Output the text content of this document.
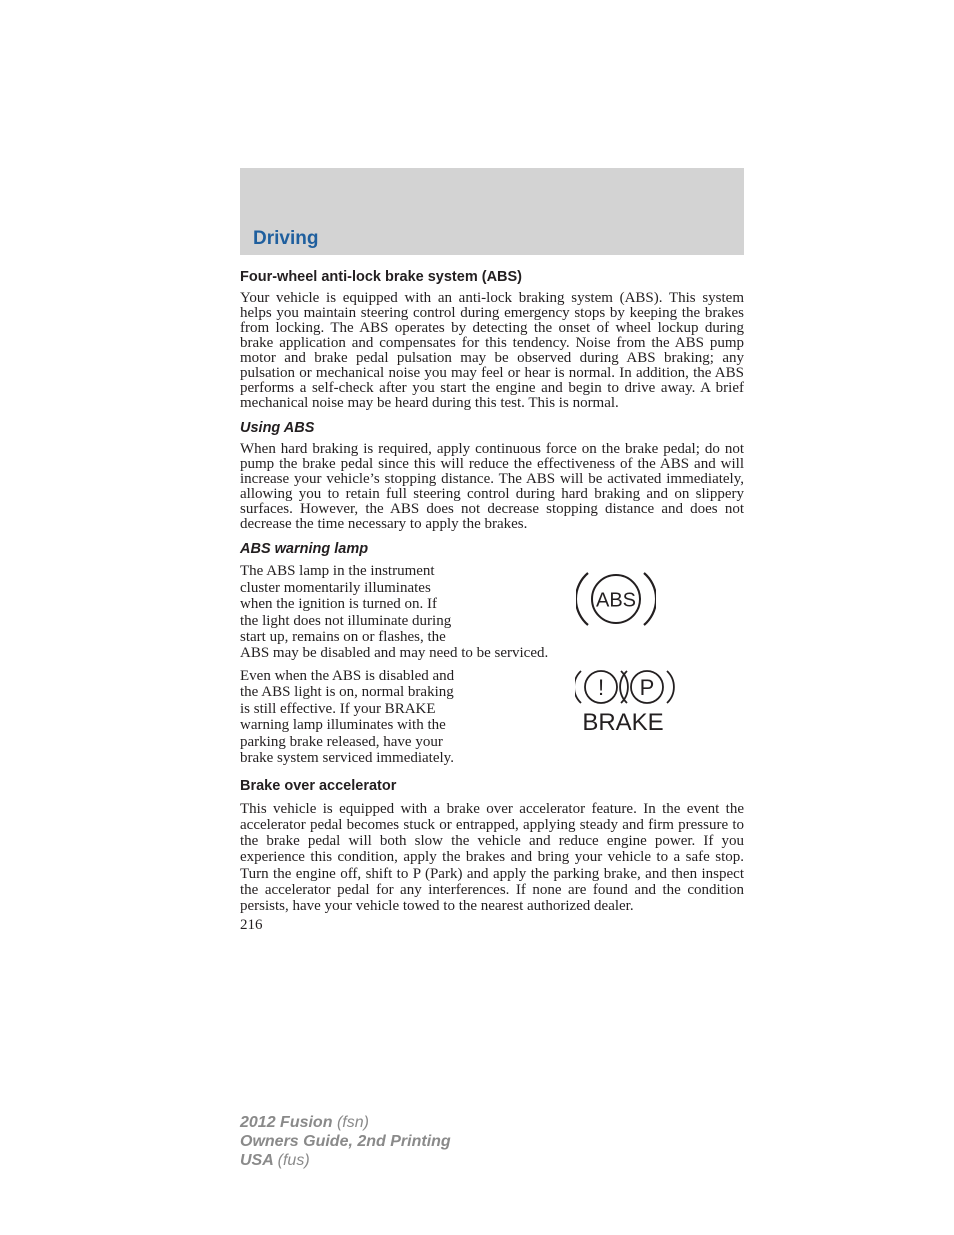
Driving
Four-wheel anti-lock brake system (ABS)

Your vehicle is equipped with an anti-lock braking system (ABS). This system helps you maintain steering control during emergency stops by keeping the brakes from locking. The ABS operates by detecting the onset of wheel lockup during brake application and compensates for this tendency. Noise from the ABS pump motor and brake pedal pulsation may be observed during ABS braking; any pulsation or mechanical noise you may feel or hear is normal. In addition, the ABS performs a self-check after you start the engine and begin to drive away. A brief mechanical noise may be heard during this test. This is normal.

Using ABS

When hard braking is required, apply continuous force on the brake pedal; do not pump the brake pedal since this will reduce the effectiveness of the ABS and will increase your vehicle’s stopping distance. The ABS will be activated immediately, allowing you to retain full steering control during hard braking and on slippery surfaces. However, the ABS does not decrease stopping distance and does not decrease the time necessary to apply the brakes.

ABS warning lamp

The ABS lamp in the instrument
cluster momentarily illuminates
when the ignition is turned on. If
the light does not illuminate during
start up, remains on or flashes, the

ABS may be disabled and may need to be serviced.

ABS

Even when the ABS is disabled and
the ABS light is on, normal braking
is still effective. If your BRAKE
warning lamp illuminates with the
parking brake released, have your
brake system serviced immediately.

! P
BRAKE
Brake over accelerator

This vehicle is equipped with a brake over accelerator feature. In the event the accelerator pedal becomes stuck or entrapped, applying steady and firm pressure to the brake pedal will both slow the vehicle and reduce engine power. If you experience this condition, apply the brakes and bring your vehicle to a safe stop. Turn the engine off, shift to P (Park) and apply the parking brake, and then inspect the accelerator pedal for any interferences. If none are found and the condition persists, have your vehicle towed to the nearest authorized dealer.

216
2012 Fusion (fsn)
Owners Guide, 2nd Printing
USA (fus)
